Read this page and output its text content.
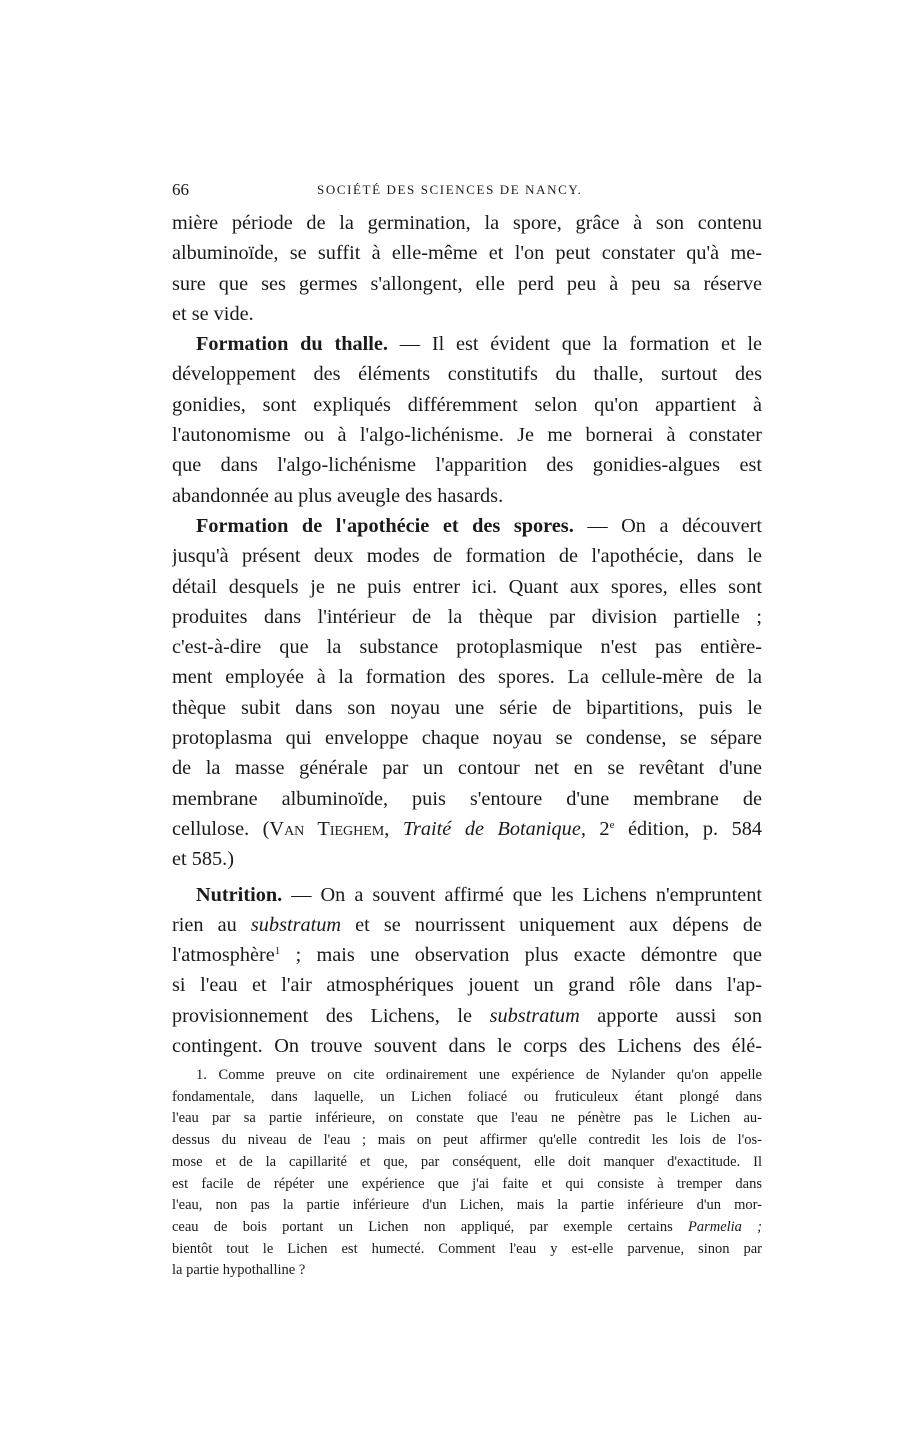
66	SOCIÉTÉ DES SCIENCES DE NANCY.
mière période de la germination, la spore, grâce à son contenu
albuminoïde, se suffit à elle-même et l'on peut constater qu'à me-
sure que ses germes s'allongent, elle perd peu à peu sa réserve
et se vide.
Formation du thalle. — Il est évident que la formation et le
développement des éléments constitutifs du thalle, surtout des
gonidies, sont expliqués différemment selon qu'on appartient à
l'autonomisme ou à l'algo-lichénisme. Je me bornerai à constater
que dans l'algo-lichénisme l'apparition des gonidies-algues est
abandonnée au plus aveugle des hasards.
Formation de l'apothécie et des spores. — On a découvert
jusqu'à présent deux modes de formation de l'apothécie, dans le
détail desquels je ne puis entrer ici. Quant aux spores, elles sont
produites dans l'intérieur de la thèque par division partielle ;
c'est-à-dire que la substance protoplasmique n'est pas entière-
ment employée à la formation des spores. La cellule-mère de la
thèque subit dans son noyau une série de bipartitions, puis le
protoplasma qui enveloppe chaque noyau se condense, se sépare
de la masse générale par un contour net en se revêtant d'une
membrane albuminoïde, puis s'entoure d'une membrane de
cellulose. (Van Tieghem, Traité de Botanique, 2e édition, p. 584
et 585.)
Nutrition. — On a souvent affirmé que les Lichens n'empruntent
rien au substratum et se nourrissent uniquement aux dépens de
l'atmosphère$^1$ ; mais une observation plus exacte démontre que
si l'eau et l'air atmosphériques jouent un grand rôle dans l'ap-
provisionnement des Lichens, le substratum apporte aussi son
contingent. On trouve souvent dans le corps des Lichens des élé-
1. Comme preuve on cite ordinairement une expérience de Nylander qu'on appelle
fondamentale, dans laquelle, un Lichen foliacé ou fruticuleux étant plongé dans
l'eau par sa partie inférieure, on constate que l'eau ne pénètre pas le Lichen au-
dessus du niveau de l'eau ; mais on peut affirmer qu'elle contredit les lois de l'os-
mose et de la capillarité et que, par conséquent, elle doit manquer d'exactitude. Il
est facile de répéter une expérience que j'ai faite et qui consiste à tremper dans
l'eau, non pas la partie inférieure d'un Lichen, mais la partie inférieure d'un mor-
ceau de bois portant un Lichen non appliqué, par exemple certains Parmelia ;
bientôt tout le Lichen est humecté. Comment l'eau y est-elle parvenue, sinon par
la partie hypothalline ?
